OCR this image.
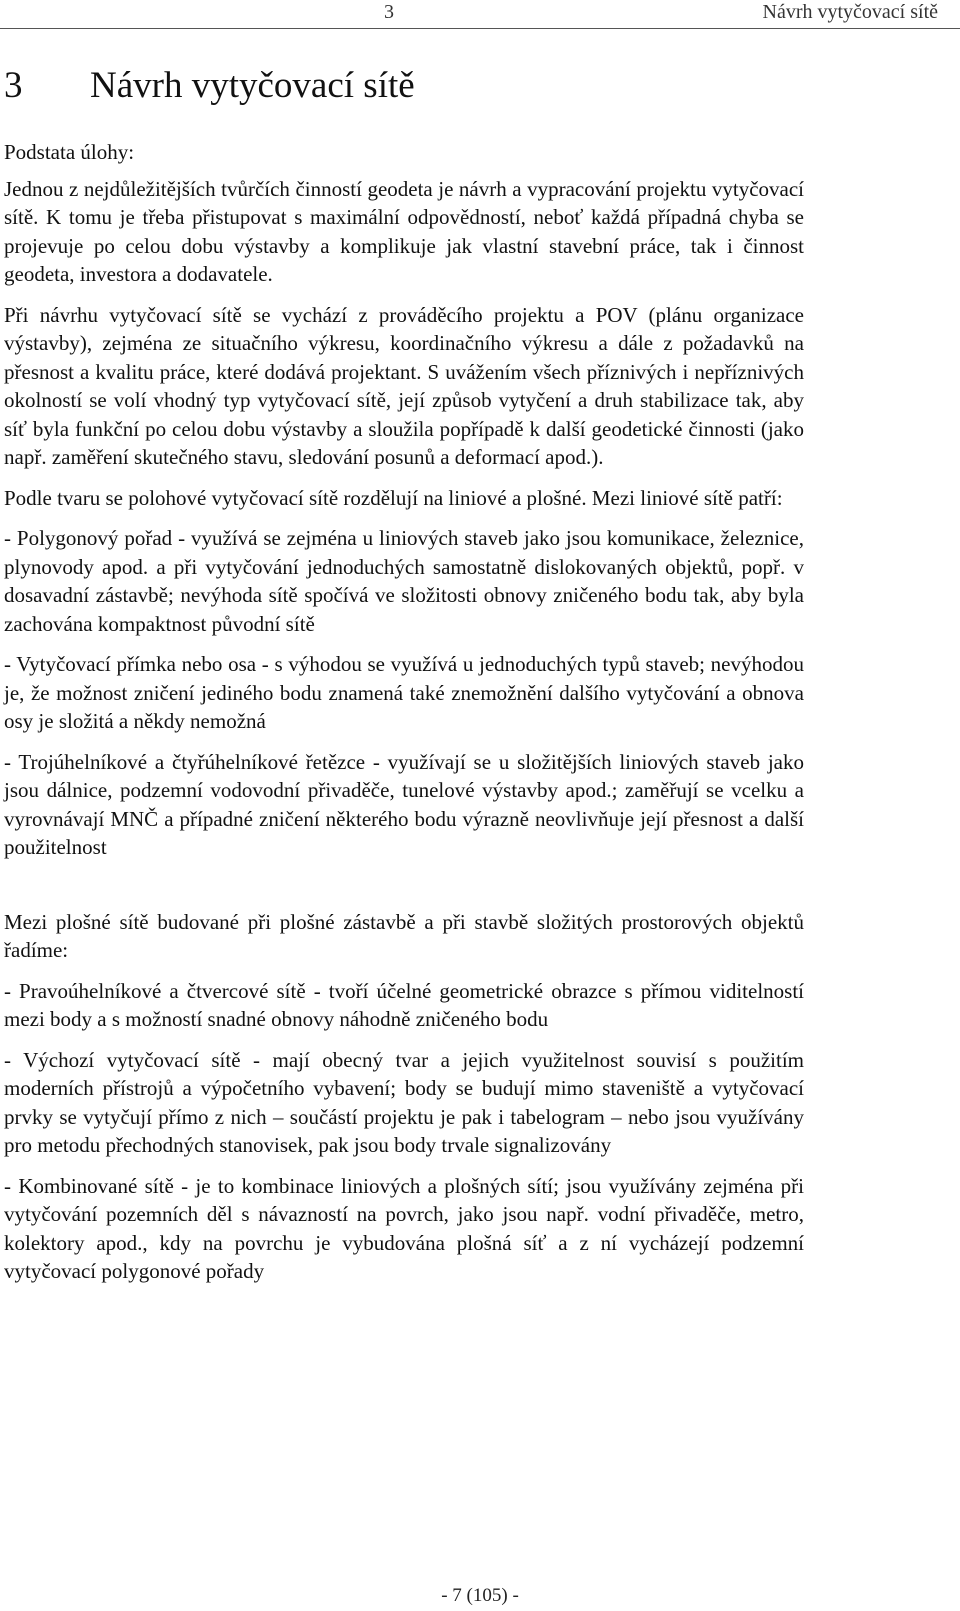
3	Návrh vytyčovací sítě
3	Návrh vytyčovací sítě

Podstata úlohy:

Jednou z nejdůležitějších tvůrčích činností geodeta je návrh a vypracování projektu vytyčovací sítě. K tomu je třeba přistupovat s maximální odpovědností, neboť každá případná chyba se projevuje po celou dobu výstavby a komplikuje jak vlastní stavební práce, tak i činnost geodeta, investora a dodavatele.

Při návrhu vytyčovací sítě se vychází z prováděcího projektu a POV (plánu organizace výstavby), zejména ze situačního výkresu, koordinačního výkresu a dále z požadavků na přesnost a kvalitu práce, které dodává projektant. S uvážením všech příznivých i nepříznivých okolností se volí vhodný typ vytyčovací sítě, její způsob vytyčení a druh stabilizace tak, aby síť byla funkční po celou dobu výstavby a sloužila popřípadě k další geodetické činnosti (jako např. zaměření skutečného stavu, sledování posunů a deformací apod.).

Podle tvaru se polohové vytyčovací sítě rozdělují na liniové a plošné. Mezi liniové sítě patří:

- Polygonový pořad - využívá se zejména u liniových staveb jako jsou komunikace, železnice, plynovody apod. a při vytyčování jednoduchých samostatně dislokovaných objektů, popř. v dosavadní zástavbě; nevýhoda sítě spočívá ve složitosti obnovy zničeného bodu tak, aby byla zachována kompaktnost původní sítě

- Vytyčovací přímka nebo osa - s výhodou se využívá u jednoduchých typů staveb; nevýhodou je, že možnost zničení jediného bodu znamená také znemožnění dalšího vytyčování a obnova osy je složitá a někdy nemožná

- Trojúhelníkové a čtyřúhelníkové řetězce - využívají se u složitějších liniových staveb jako jsou dálnice, podzemní vodovodní přivaděče, tunelové výstavby apod.; zaměřují se vcelku a vyrovnávají MNČ a případné zničení některého bodu výrazně neovlivňuje její přesnost a další použitelnost

Mezi plošné sítě budované při plošné zástavbě a při stavbě složitých prostorových objektů řadíme:

- Pravoúhelníkové a čtvercové sítě - tvoří účelné geometrické obrazce s přímou viditelností mezi body a s možností snadné obnovy náhodně zničeného bodu

- Výchozí vytyčovací sítě - mají obecný tvar a jejich využitelnost souvisí s použitím moderních přístrojů a výpočetního vybavení; body se budují mimo staveniště a vytyčovací prvky se vytyčují přímo z nich – součástí projektu je pak i tabelogram – nebo jsou využívány pro metodu přechodných stanovisek, pak jsou body trvale signalizovány

- Kombinované sítě - je to kombinace liniových a plošných sítí; jsou využívány zejména při vytyčování pozemních děl s návazností na povrch, jako jsou např. vodní přivaděče, metro, kolektory apod., kdy na povrchu je vybudována plošná síť a z ní vycházejí podzemní vytyčovací polygonové pořady

- 7 (105) -
